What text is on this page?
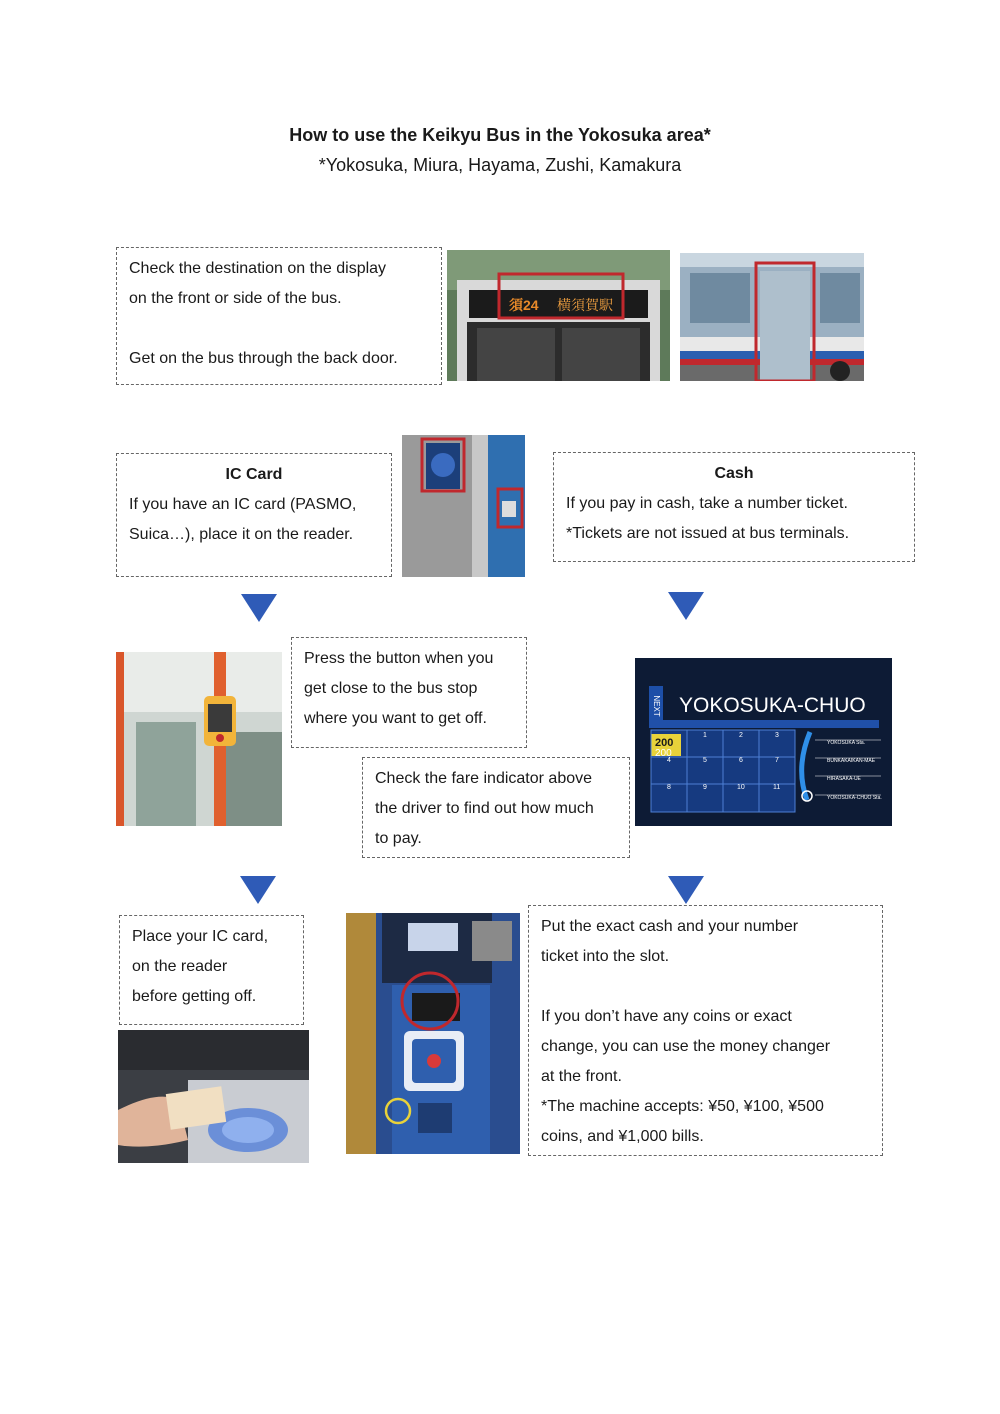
How to use the Keikyu Bus in the Yokosuka area*
*Yokosuka, Miura, Hayama, Zushi, Kamakura

Check the destination on the display

on the front or side of the bus.

Get on the bus through the back door.

須24 横須賀駅

IC Card

If you have an IC card (PASMO,

Suica…), place it on the reader.

Cash

If you pay in cash, take a number ticket.

*Tickets are not issued at bus terminals.

Press the button when you

get close to the bus stop

where you want to get off.

Check the fare indicator above

the driver to find out how much

to pay.

NEXT YOKOSUKA-CHUO
200
200
1	2	3
4	5	6	7
8	9	10	11
YOKOSUKA Sta.
BUNKAKAIKAN-MAE
HIRASAKA-UE
YOKOSUKA-CHUO Sta.

Place your IC card,

on the reader

before getting off.

Put the exact cash and your number

ticket into the slot.

If you don’t have any coins or exact

change, you can use the money changer

at the front.

*The machine accepts: ¥50, ¥100, ¥500

coins, and ¥1,000 bills.
